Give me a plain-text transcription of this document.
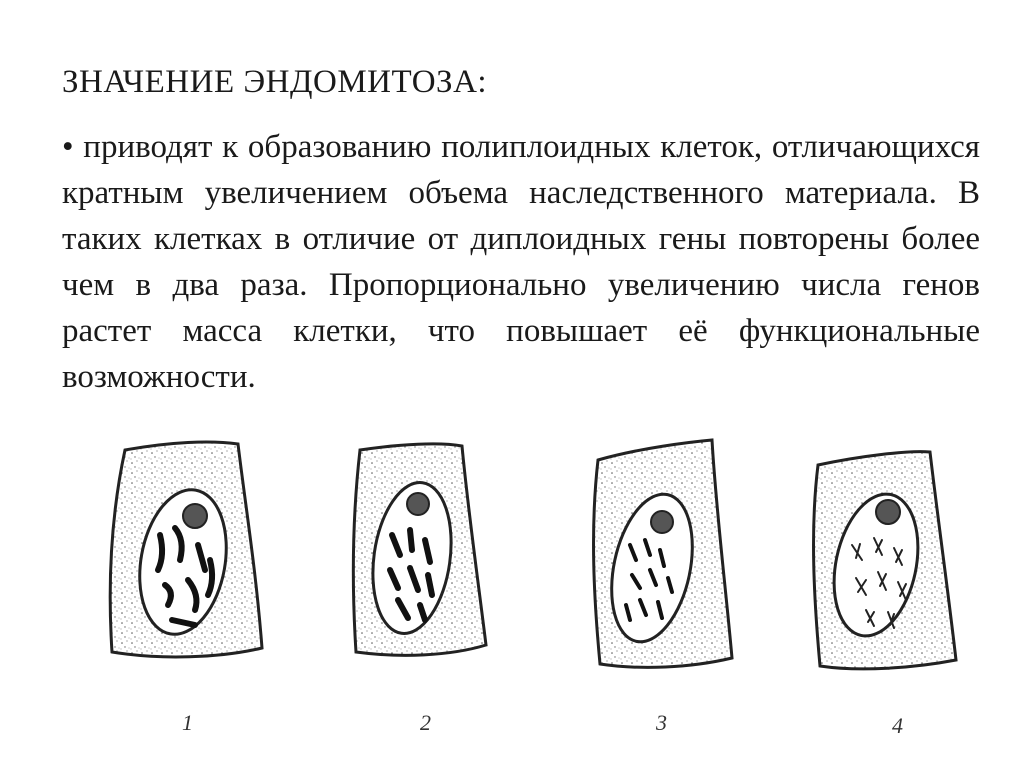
ЗНАЧЕНИЕ ЭНДОМИТОЗА:

• приводят к образованию полиплоидных клеток, отличающихся кратным увеличением объема наследственного материала. В таких клетках в отличие от диплоидных гены повторены более чем в два раза. Пропорционально увеличению числа генов растет масса клетки, что повышает её функциональные возможности.

1	2	3	4
